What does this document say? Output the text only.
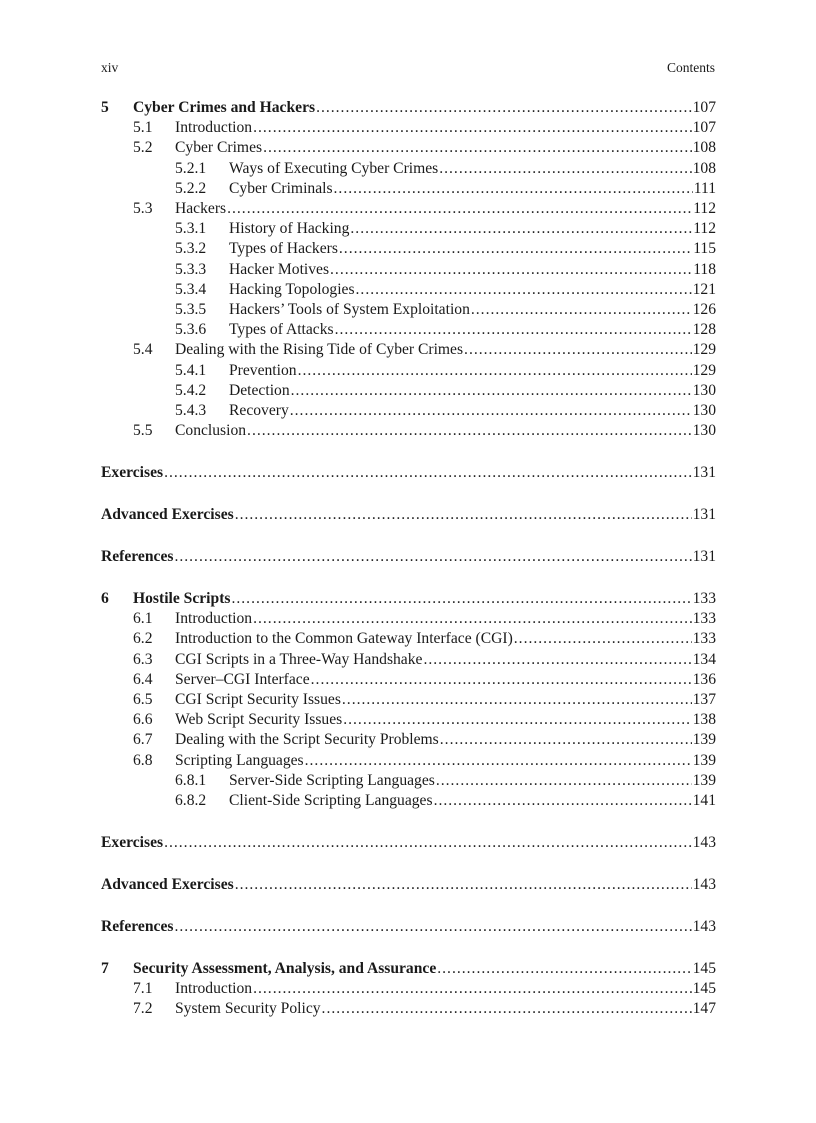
xiv	Contents
5	Cyber Crimes and Hackers .....	107
5.1	Introduction .....	107
5.2	Cyber Crimes .....	108
5.2.1	Ways of Executing Cyber Crimes .....	108
5.2.2	Cyber Criminals .....	111
5.3	Hackers .....	112
5.3.1	History of Hacking .....	112
5.3.2	Types of Hackers .....	115
5.3.3	Hacker Motives .....	118
5.3.4	Hacking Topologies .....	121
5.3.5	Hackers’ Tools of System Exploitation .....	126
5.3.6	Types of Attacks .....	128
5.4	Dealing with the Rising Tide of Cyber Crimes .....	129
5.4.1	Prevention .....	129
5.4.2	Detection .....	130
5.4.3	Recovery .....	130
5.5	Conclusion .....	130
Exercises .....	131
Advanced Exercises .....	131
References .....	131
6	Hostile Scripts .....	133
6.1	Introduction .....	133
6.2	Introduction to the Common Gateway Interface (CGI) .....	133
6.3	CGI Scripts in a Three-Way Handshake .....	134
6.4	Server–CGI Interface .....	136
6.5	CGI Script Security Issues .....	137
6.6	Web Script Security Issues .....	138
6.7	Dealing with the Script Security Problems .....	139
6.8	Scripting Languages .....	139
6.8.1	Server-Side Scripting Languages .....	139
6.8.2	Client-Side Scripting Languages .....	141
Exercises .....	143
Advanced Exercises .....	143
References .....	143
7	Security Assessment, Analysis, and Assurance .....	145
7.1	Introduction .....	145
7.2	System Security Policy .....	147
